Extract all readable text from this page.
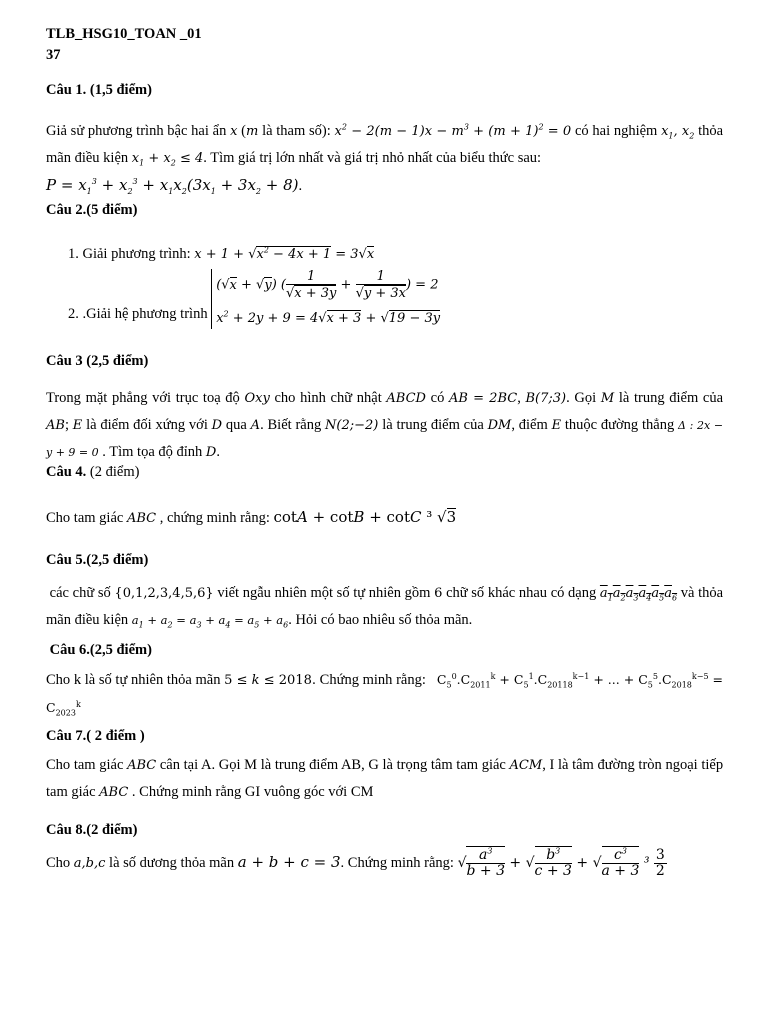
TLB_HSG10_TOAN _01
37

Câu 1. (1,5 điểm)

Giả sử phương trình bậc hai ẩn x (m là tham số): $x^2 - 2(m - 1)x - m^3 + (m + 1)^2 = 0$ có hai nghiệm $x_1$, $x_2$ thỏa mãn điều kiện $x_1 + x_2 \le 4$. Tìm giá trị lớn nhất và giá trị nhỏ nhất của biểu thức sau:
$P = x_1^3 + x_2^3 + x_1x_2(3x_1 + 3x_2 + 8)$.

Câu 2.(5 điểm)

1. Giải phương trình: $x + 1 + √x^2 - 4x + 1 = 3√x$
2. .Giải hệ phương trình
(√x + √y) ( $\frac{1}{√x + 3y} + \frac{1}{√y + 3x}$ ) = 2
$x^2 + 2y + 9 = 4√x + 3 + √19 - 3y$

Câu 3 (2,5 điểm)

Trong mặt phẳng với trục toạ độ Oxy cho hình chữ nhật ABCD có AB = 2BC, B(7;3). Gọi M là trung điểm của AB; E là điểm đối xứng với D qua A. Biết rằng N(2;−2) là trung điểm của DM, điểm E thuộc đường thẳng Δ : 2x − y + 9 = 0 . Tìm tọa độ đỉnh D.

Câu 4. (2 điểm)

Cho tam giác ABC , chứng minh rằng: cotA + cotB + cotC ³ √3

Câu 5.(2,5 điểm)

các chữ số {0,1,2,3,4,5,6} viết ngẫu nhiên một số tự nhiên gồm 6 chữ số khác nhau có dạng $a_1a_2a_3a_4a_5a_6$ và thỏa mãn điều kiện $a_1 + a_2 = a_3 + a_4 = a_5 + a_6$. Hỏi có bao nhiêu số thỏa mãn.

Câu 6.(2,5 điểm)

Cho k là số tự nhiên thỏa mãn 5 ≤ k ≤ 2018. Chứng minh rằng: $C_5^0.C_{2011}^k + C_5^1.C_{20118}^{k-1}$ + ... + $C_5^5.C_{2018}^{k-5} = C_{2023}^k$

Câu 7.( 2 điểm )

Cho tam giác ABC cân tại A. Gọi M là trung điểm AB, G là trọng tâm tam giác ACM, I là tâm đường tròn ngoại tiếp tam giác ABC . Chứng minh rằng GI vuông góc với CM

Câu 8.(2 điểm)

Cho a,b,c là số dương thỏa mãn a + b + c = 3. Chứng minh rằng: √ $\frac{a^3}{b + 3}$ + √ $\frac{b^3}{c + 3}$ + √ $\frac{c^3}{a + 3} ^3 \frac{3}{2}$
